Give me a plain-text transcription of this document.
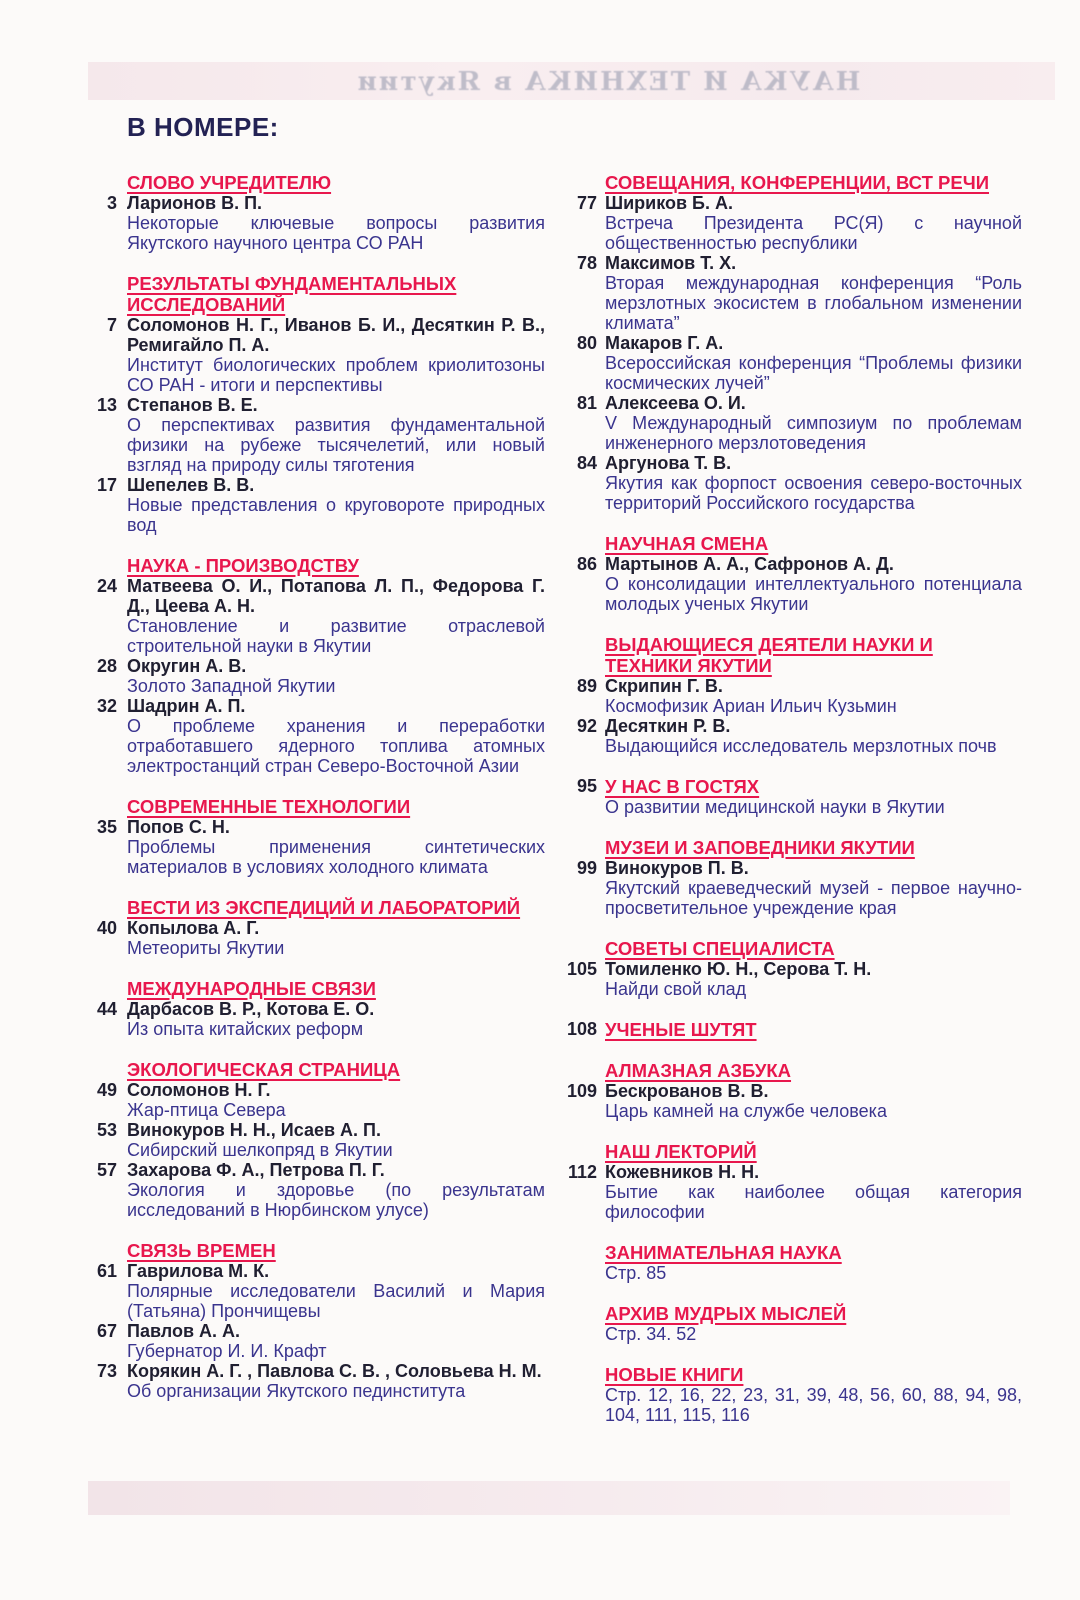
НАУКА И ТЕХНИКА в Якутии
В НОМЕРЕ:
СЛОВО УЧРЕДИТЕЛЮ
3 Ларионов В. П.
Некоторые ключевые вопросы развития Якутского научного центра СО РАН
РЕЗУЛЬТАТЫ ФУНДАМЕНТАЛЬНЫХ ИССЛЕДОВАНИЙ
7 Соломонов Н. Г., Иванов Б. И., Десяткин Р. В., Ремигайло П. А.
Институт биологических проблем криолитозоны СО РАН - итоги и перспективы
13 Степанов В. Е.
О перспективах развития фундаментальной физики на рубеже тысячелетий, или новый взгляд на природу силы тяготения
17 Шепелев В. В.
Новые представления о круговороте природных вод
НАУКА - ПРОИЗВОДСТВУ
24 Матвеева О. И., Потапова Л. П., Федорова Г. Д., Цеева А. Н.
Становление и развитие отраслевой строительной науки в Якутии
28 Округин А. В.
Золото Западной Якутии
32 Шадрин А. П.
О проблеме хранения и переработки отработавшего ядерного топлива атомных электростанций стран Северо-Восточной Азии
СОВРЕМЕННЫЕ ТЕХНОЛОГИИ
35 Попов С. Н.
Проблемы применения синтетических материалов в условиях холодного климата
ВЕСТИ ИЗ ЭКСПЕДИЦИЙ И ЛАБОРАТОРИЙ
40 Копылова А. Г.
Метеориты Якутии
МЕЖДУНАРОДНЫЕ СВЯЗИ
44 Дарбасов В. Р., Котова Е. О.
Из опыта китайских реформ
ЭКОЛОГИЧЕСКАЯ СТРАНИЦА
49 Соломонов Н. Г.
Жар-птица Севера
53 Винокуров Н. Н., Исаев А. П.
Сибирский шелкопряд в Якутии
57 Захарова Ф. А., Петрова П. Г.
Экология и здоровье (по результатам исследований в Нюрбинском улусе)
СВЯЗЬ ВРЕМЕН
61 Гаврилова М. К.
Полярные исследователи Василий и Мария (Татьяна) Прончищевы
67 Павлов А. А.
Губернатор И. И. Крафт
73 Корякин А. Г. , Павлова С. В. , Соловьева Н. М.
Об организации Якутского пединститута
СОВЕЩАНИЯ, КОНФЕРЕНЦИИ, ВСТ РЕЧИ
77 Шириков Б. А.
Встреча Президента РС(Я) с научной общественностью республики
78 Максимов Т. Х.
Вторая международная конференция “Роль мерзлотных экосистем в глобальном изменении климата”
80 Макаров Г. А.
Всероссийская конференция “Проблемы физики космических лучей”
81 Алексеева О. И.
V Международный симпозиум по проблемам инженерного мерзлотоведения
84 Аргунова Т. В.
Якутия как форпост освоения северо-восточных территорий Российского государства
НАУЧНАЯ СМЕНА
86 Мартынов А. А., Сафронов А. Д.
О консолидации интеллектуального потенциала молодых ученых Якутии
ВЫДАЮЩИЕСЯ ДЕЯТЕЛИ НАУКИ И ТЕХНИКИ ЯКУТИИ
89 Скрипин Г. В.
Космофизик Ариан Ильич Кузьмин
92 Десяткин Р. В.
Выдающийся исследователь мерзлотных почв
95 У НАС В ГОСТЯХ
О развитии медицинской науки в Якутии
МУЗЕИ И ЗАПОВЕДНИКИ ЯКУТИИ
99 Винокуров П. В.
Якутский краеведческий музей - первое научно-просветительное учреждение края
СОВЕТЫ СПЕЦИАЛИСТА
105 Томиленко Ю. Н., Серова Т. Н.
Найди свой клад
108 УЧЕНЫЕ ШУТЯТ
АЛМАЗНАЯ АЗБУКА
109 Бескрованов В. В.
Царь камней на службе человека
НАШ ЛЕКТОРИЙ
112 Кожевников Н. Н.
Бытие как наиболее общая категория философии
ЗАНИМАТЕЛЬНАЯ НАУКА
Стр. 85
АРХИВ МУДРЫХ МЫСЛЕЙ
Стр. 34. 52
НОВЫЕ КНИГИ
Стр. 12, 16, 22, 23, 31, 39, 48, 56, 60, 88, 94, 98, 104, 111, 115, 116
